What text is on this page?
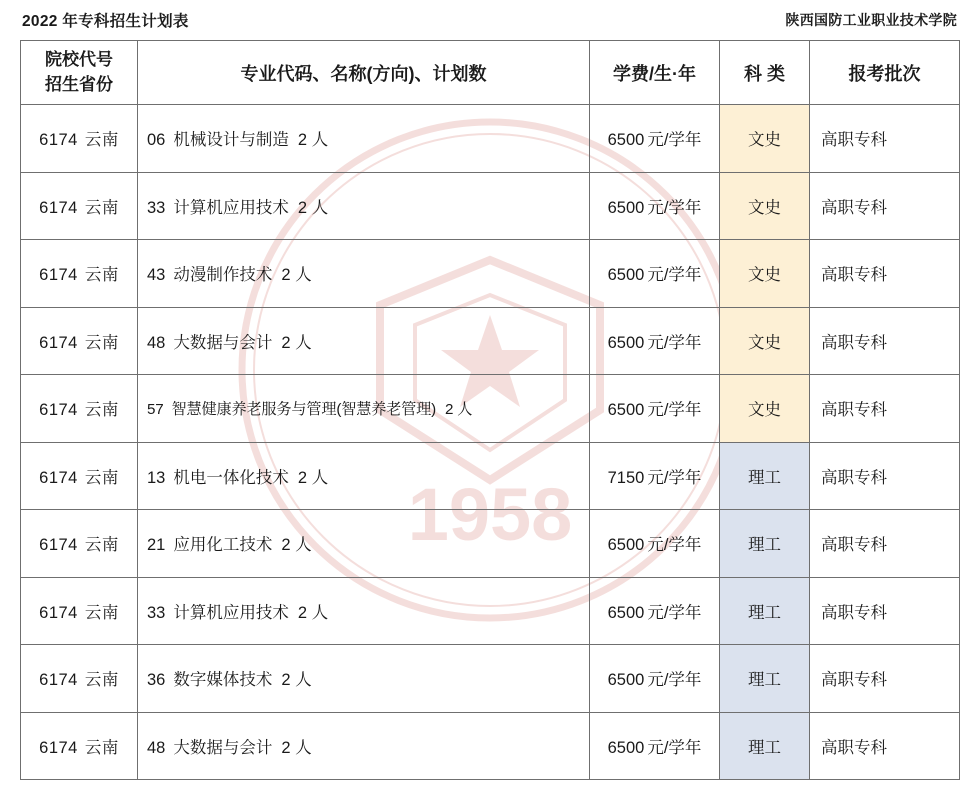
2022 年专科招生计划表	陕西国防工业职业技术学院
1958
院校代号
招生省份	专业代码、名称(方向)、计划数	学费/生·年	科 类	报考批次
6174 云南	06 机械设计与制造 2 人	6500 元/学年	文史	高职专科
6174 云南	33 计算机应用技术 2 人	6500 元/学年	文史	高职专科
6174 云南	43 动漫制作技术 2 人	6500 元/学年	文史	高职专科
6174 云南	48 大数据与会计 2 人	6500 元/学年	文史	高职专科
6174 云南	57 智慧健康养老服务与管理(智慧养老管理) 2 人	6500 元/学年	文史	高职专科
6174 云南	13 机电一体化技术 2 人	7150 元/学年	理工	高职专科
6174 云南	21 应用化工技术 2 人	6500 元/学年	理工	高职专科
6174 云南	33 计算机应用技术 2 人	6500 元/学年	理工	高职专科
6174 云南	36 数字媒体技术 2 人	6500 元/学年	理工	高职专科
6174 云南	48 大数据与会计 2 人	6500 元/学年	理工	高职专科
